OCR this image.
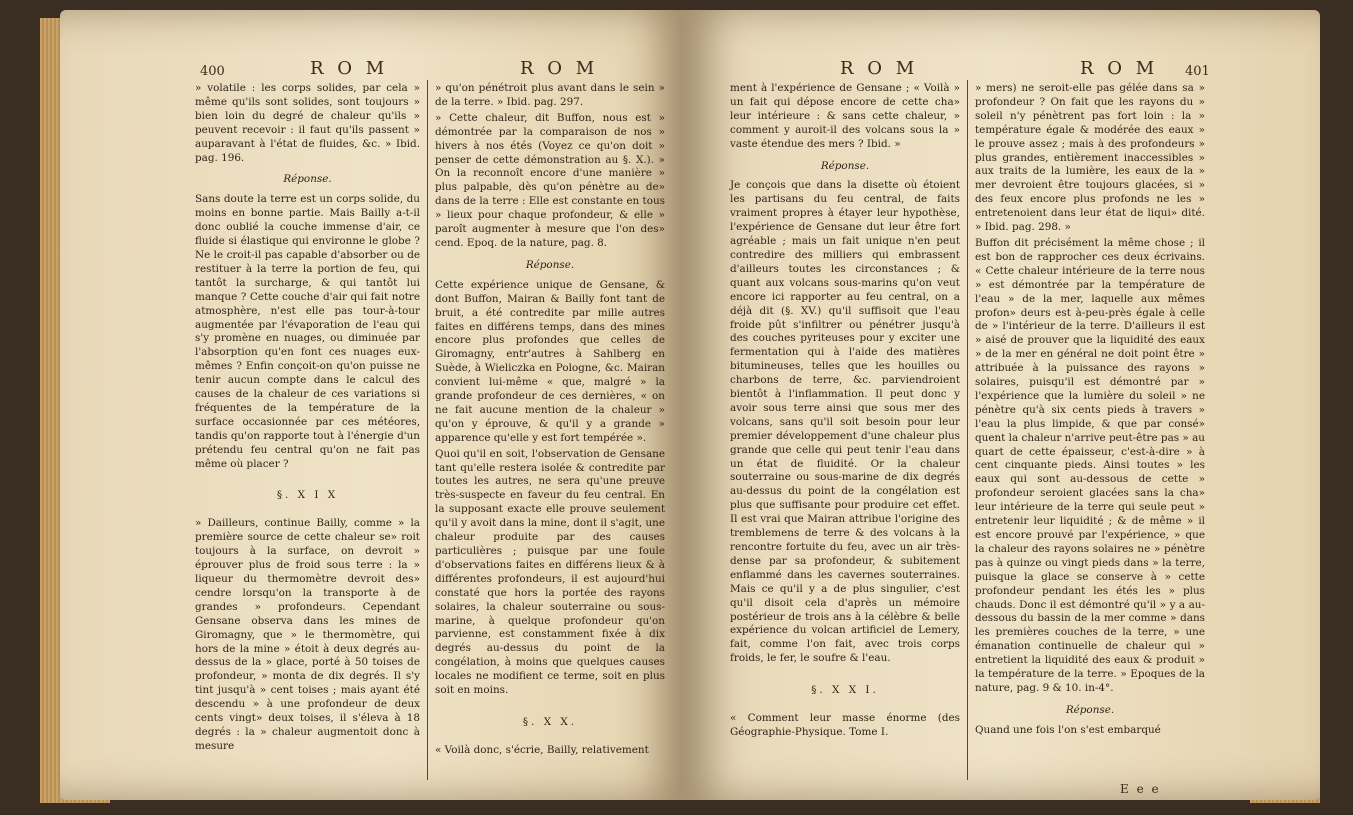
400	R O M	R O M

» volatile : les corps solides, par cela » même qu'ils sont solides, sont toujours » bien loin du degré de chaleur qu'ils » peuvent recevoir : il faut qu'ils passent » auparavant à l'état de fluides, &c. » Ibid. pag. 196.

Réponse.

Sans doute la terre est un corps solide, du moins en bonne partie. Mais Bailly a-t-il donc oublié la couche immense d'air, ce fluide si élastique qui environne le globe ? Ne le croit-il pas capable d'absorber ou de restituer à la terre la portion de feu, qui tantôt la surcharge, & qui tantôt lui manque ? Cette couche d'air qui fait notre atmosphère, n'est elle pas tour-à-tour augmentée par l'évaporation de l'eau qui s'y promène en nuages, ou diminuée par l'absorption qu'en font ces nuages eux-mêmes ? Enfin conçoit-on qu'on puisse ne tenir aucun compte dans le calcul des causes de la chaleur de ces variations si fréquentes de la température de la surface occasionnée par ces météores, tandis qu'on rapporte tout à l'énergie d'un prétendu feu central qu'on ne fait pas même où placer ?

§. X I X

» Dailleurs, continue Bailly, comme » la première source de cette chaleur se» roit toujours à la surface, on devroit » éprouver plus de froid sous terre : la » liqueur du thermomètre devroit des» cendre lorsqu'on la transporte à de grandes » profondeurs. Cependant Gensane observa dans les mines de Giromagny, que » le thermomètre, qui hors de la mine » étoit à deux degrés au-dessus de la » glace, porté à 50 toises de profondeur, » monta de dix degrés. Il s'y tint jusqu'à » cent toises ; mais ayant été descendu » à une profondeur de deux cents vingt» deux toises, il s'éleva à 18 degrés : la » chaleur augmentoit donc à mesure

» qu'on pénétroit plus avant dans le sein » de la terre. » Ibid. pag. 297.

» Cette chaleur, dit Buffon, nous est » démontrée par la comparaison de nos » hivers à nos étés (Voyez ce qu'on doit » penser de cette démonstration au §. X.). » On la reconnoît encore d'une manière » plus palpable, dès qu'on pénètre au de» dans de la terre : Elle est constante en tous » lieux pour chaque profondeur, & elle » paroît augmenter à mesure que l'on des» cend. Epoq. de la nature, pag. 8.

Réponse.

Cette expérience unique de Gensane, & dont Buffon, Mairan & Bailly font tant de bruit, a été contredite par mille autres faites en différens temps, dans des mines encore plus profondes que celles de Giromagny, entr'autres à Sahlberg en Suède, à Wieliczka en Pologne, &c. Mairan convient lui-même « que, malgré » la grande profondeur de ces dernières, « on ne fait aucune mention de la chaleur » qu'on y éprouve, & qu'il y a grande » apparence qu'elle y est fort tempérée ».

Quoi qu'il en soit, l'observation de Gensane tant qu'elle restera isolée & contredite par toutes les autres, ne sera qu'une preuve très-suspecte en faveur du feu central. En la supposant exacte elle prouve seulement qu'il y avoit dans la mine, dont il s'agit, une chaleur produite par des causes particulières ; puisque par une foule d'observations faites en différens lieux & à différentes profondeurs, il est aujourd'hui constaté que hors la portée des rayons solaires, la chaleur souterraine ou sous-marine, à quelque profondeur qu'on parvienne, est constamment fixée à dix degrés au-dessus du point de la congélation, à moins que quelques causes locales ne modifient ce terme, soit en plus soit en moins.

§. X X.

« Voilà donc, s'écrie, Bailly, relativement

R O M	R O M 401

ment à l'expérience de Gensane ; « Voilà » un fait qui dépose encore de cette cha» leur intérieure : & sans cette chaleur, » comment y auroit-il des volcans sous la » vaste étendue des mers ? Ibid. »

Réponse.

Je conçois que dans la disette où étoient les partisans du feu central, de faits vraiment propres à étayer leur hypothèse, l'expérience de Gensane dut leur être fort agréable ; mais un fait unique n'en peut contredire des milliers qui embrassent d'ailleurs toutes les circonstances ; & quant aux volcans sous-marins qu'on veut encore ici rapporter au feu central, on a déjà dit (§. XV.) qu'il suffisoit que l'eau froide pût s'infiltrer ou pénétrer jusqu'à des couches pyriteuses pour y exciter une fermentation qui à l'aide des matières bitumineuses, telles que les houilles ou charbons de terre, &c. parviendroient bientôt à l'inflammation. Il peut donc y avoir sous terre ainsi que sous mer des volcans, sans qu'il soit besoin pour leur premier développement d'une chaleur plus grande que celle qui peut tenir l'eau dans un état de fluidité. Or la chaleur souterraine ou sous-marine de dix degrés au-dessus du point de la congélation est plus que suffisante pour produire cet effet. Il est vrai que Mairan attribue l'origine des tremblemens de terre & des volcans à la rencontre fortuite du feu, avec un air très-dense par sa profondeur, & subitement enflammé dans les cavernes souterraines. Mais ce qu'il y a de plus singulier, c'est qu'il disoit cela d'après un mémoire postérieur de trois ans à la célèbre & belle expérience du volcan artificiel de Lemery, fait, comme l'on fait, avec trois corps froids, le fer, le soufre & l'eau.

§. X X I.

« Comment leur masse énorme (des Géographie-Physique. Tome I.

» mers) ne seroit-elle pas gélée dans sa » profondeur ? On fait que les rayons du » soleil n'y pénètrent pas fort loin : la » température égale & modérée des eaux » le prouve assez ; mais à des profondeurs » plus grandes, entièrement inaccessibles » aux traits de la lumière, les eaux de la » mer devroient être toujours glacées, si » des feux encore plus profonds ne les » entretenoient dans leur état de liqui» dité. » Ibid. pag. 298. »

Buffon dit précisément la même chose ; il est bon de rapprocher ces deux écrivains. « Cette chaleur intérieure de la terre nous » est démontrée par la température de l'eau » de la mer, laquelle aux mêmes profon» deurs est à-peu-près égale à celle de » l'intérieur de la terre. D'ailleurs il est » aisé de prouver que la liquidité des eaux » de la mer en général ne doit point être » attribuée à la puissance des rayons » solaires, puisqu'il est démontré par » l'expérience que la lumière du soleil » ne pénètre qu'à six cents pieds à travers » l'eau la plus limpide, & que par consé» quent la chaleur n'arrive peut-être pas » au quart de cette épaisseur, c'est-à-dire » à cent cinquante pieds. Ainsi toutes » les eaux qui sont au-dessous de cette » profondeur seroient glacées sans la cha» leur intérieure de la terre qui seule peut » entretenir leur liquidité ; & de même » il est encore prouvé par l'expérience, » que la chaleur des rayons solaires ne » pénètre pas à quinze ou vingt pieds dans » la terre, puisque la glace se conserve à » cette profondeur pendant les étés les » plus chauds. Donc il est démontré qu'il » y a au-dessous du bassin de la mer comme » dans les premières couches de la terre, » une émanation continuelle de chaleur qui » entretient la liquidité des eaux & produit » la température de la terre. » Epoques de la nature, pag. 9 & 10. in-4°.

Réponse.

Quand une fois l'on s'est embarqué

E e e
